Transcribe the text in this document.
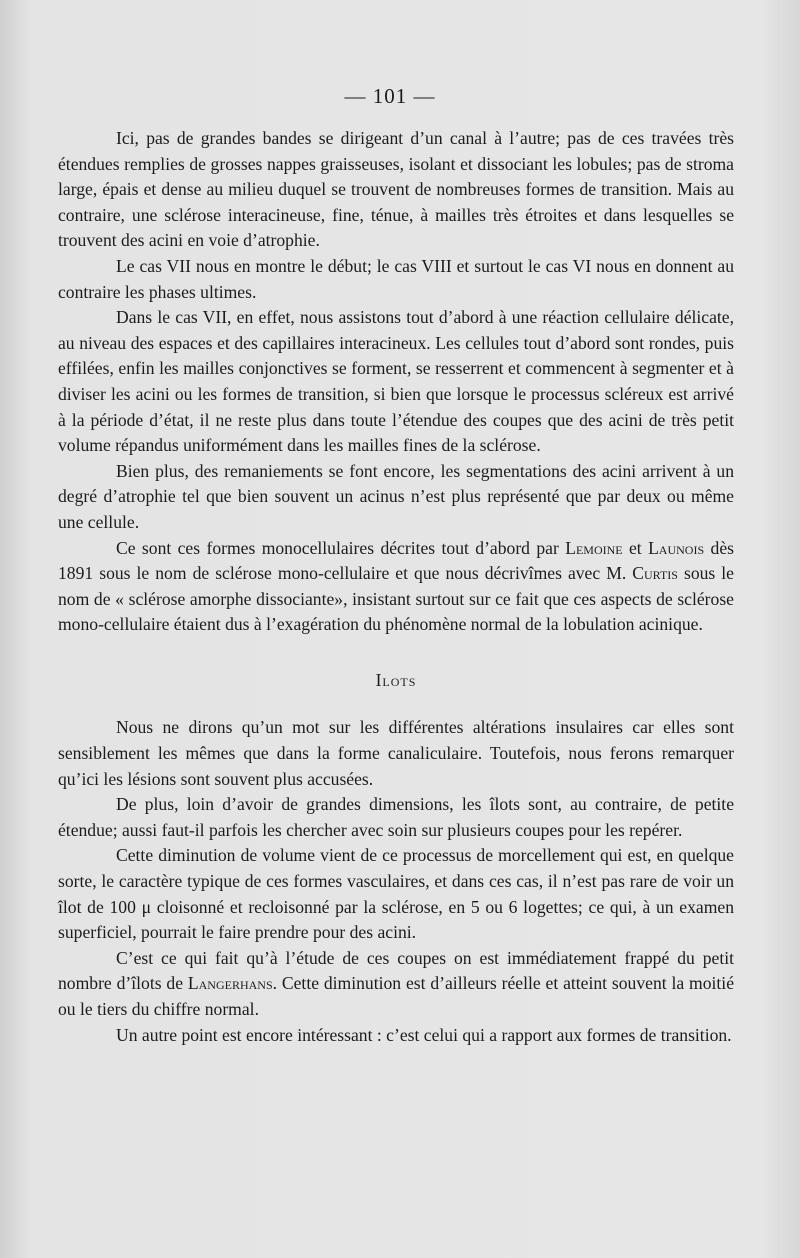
— 101 —

Ici, pas de grandes bandes se dirigeant d’un canal à l’autre; pas de ces travées très étendues remplies de grosses nappes graisseuses, isolant et dissociant les lobules; pas de stroma large, épais et dense au milieu duquel se trouvent de nombreuses formes de transition. Mais au contraire, une sclérose interacineuse, fine, ténue, à mailles très étroites et dans lesquelles se trouvent des acini en voie d’atrophie.

Le cas VII nous en montre le début; le cas VIII et surtout le cas VI nous en donnent au contraire les phases ultimes.

Dans le cas VII, en effet, nous assistons tout d’abord à une réaction cellulaire délicate, au niveau des espaces et des capillaires interacineux. Les cellules tout d’abord sont rondes, puis effilées, enfin les mailles conjonctives se forment, se resserrent et commencent à segmenter et à diviser les acini ou les formes de transition, si bien que lorsque le processus scléreux est arrivé à la période d’état, il ne reste plus dans toute l’étendue des coupes que des acini de très petit volume répandus uniformément dans les mailles fines de la sclérose.

Bien plus, des remaniements se font encore, les segmentations des acini arrivent à un degré d’atrophie tel que bien souvent un acinus n’est plus représenté que par deux ou même une cellule.

Ce sont ces formes monocellulaires décrites tout d’abord par Lemoine et Launois dès 1891 sous le nom de sclérose mono-cellulaire et que nous décrivîmes avec M. Curtis sous le nom de « sclérose amorphe dissociante», insistant surtout sur ce fait que ces aspects de sclérose mono-cellulaire étaient dus à l’exagération du phénomène normal de la lobulation acinique.

Ilots

Nous ne dirons qu’un mot sur les différentes altérations insulaires car elles sont sensiblement les mêmes que dans la forme canaliculaire. Toutefois, nous ferons remarquer qu’ici les lésions sont souvent plus accusées.

De plus, loin d’avoir de grandes dimensions, les îlots sont, au contraire, de petite étendue; aussi faut-il parfois les chercher avec soin sur plusieurs coupes pour les repérer.

Cette diminution de volume vient de ce processus de morcellement qui est, en quelque sorte, le caractère typique de ces formes vasculaires, et dans ces cas, il n’est pas rare de voir un îlot de 100 μ cloisonné et recloisonné par la sclérose, en 5 ou 6 logettes; ce qui, à un examen superficiel, pourrait le faire prendre pour des acini.

C’est ce qui fait qu’à l’étude de ces coupes on est immédiatement frappé du petit nombre d’îlots de Langerhans. Cette diminution est d’ailleurs réelle et atteint souvent la moitié ou le tiers du chiffre normal.

Un autre point est encore intéressant : c’est celui qui a rapport aux formes de transition.
